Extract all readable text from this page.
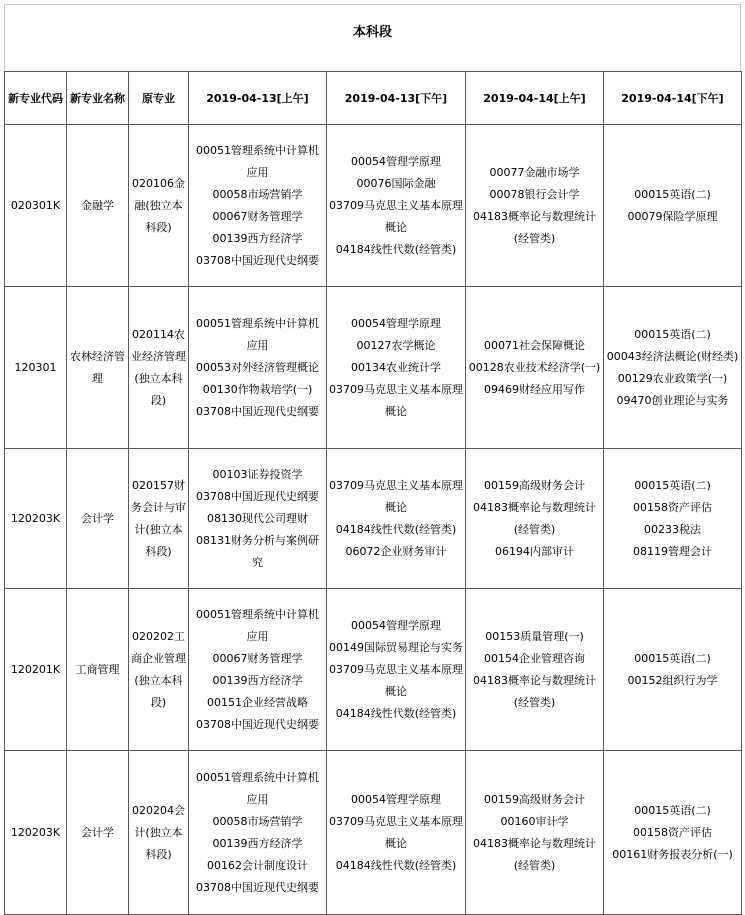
本科段
新专业代码	新专业名称	原专业	2019-04-13[上午]	2019-04-13[下午]	2019-04-14[上午]	2019-04-14[下午]
020301K	金融学	020106金融(独立本科段)	00051管理系统中计算机应用
00058市场营销学
00067财务管理学
00139西方经济学
03708中国近现代史纲要	00054管理学原理
00076国际金融
03709马克思主义基本原理概论
04184线性代数(经管类)	00077金融市场学
00078银行会计学
04183概率论与数理统计(经管类)	00015英语(二)
00079保险学原理

120301	农林经济管理	020114农业经济管理(独立本科段)	00051管理系统中计算机应用
00053对外经济管理概论
00130作物栽培学(一)
03708中国近现代史纲要	00054管理学原理
00127农学概论
00134农业统计学
03709马克思主义基本原理概论	00071社会保障概论
00128农业技术经济学(一)
09469财经应用写作	00015英语(二)
00043经济法概论(财经类)
00129农业政策学(一)
09470创业理论与实务

120203K	会计学	020157财务会计与审计(独立本科段)	00103证券投资学
03708中国近现代史纲要
08130现代公司理财
08131财务分析与案例研究	03709马克思主义基本原理概论
04184线性代数(经管类)
06072企业财务审计	00159高级财务会计
04183概率论与数理统计(经管类)
06194内部审计	00015英语(二)
00158资产评估
00233税法
08119管理会计

120201K	工商管理	020202工商企业管理(独立本科段)	00051管理系统中计算机应用
00067财务管理学
00139西方经济学
00151企业经营战略
03708中国近现代史纲要	00054管理学原理
00149国际贸易理论与实务
03709马克思主义基本原理概论
04184线性代数(经管类)	00153质量管理(一)
00154企业管理咨询
04183概率论与数理统计(经管类)	00015英语(二)
00152组织行为学

120203K	会计学	020204会计(独立本科段)	00051管理系统中计算机应用
00058市场营销学
00139西方经济学
00162会计制度设计
03708中国近现代史纲要	00054管理学原理
03709马克思主义基本原理概论
04184线性代数(经管类)	00159高级财务会计
00160审计学
04183概率论与数理统计(经管类)	00015英语(二)
00158资产评估
00161财务报表分析(一)
